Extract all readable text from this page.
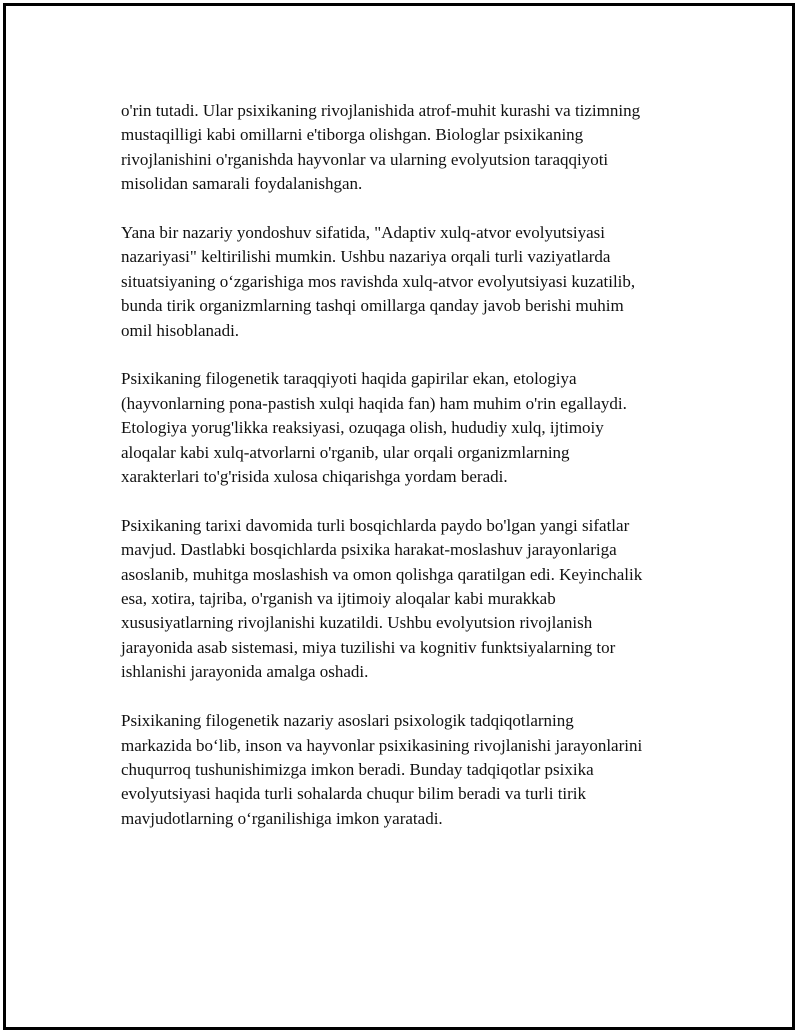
o'rin tutadi. Ular psixikaning rivojlanishida atrof-muhit kurashi va tizimning
mustaqilligi kabi omillarni e'tiborga olishgan. Biologlar psixikaning
rivojlanishini o'rganishda hayvonlar va ularning evolyutsion taraqqiyoti
misolidan samarali foydalanishgan.

Yana bir nazariy yondoshuv sifatida, "Adaptiv xulq-atvor evolyutsiyasi
nazariyasi" keltirilishi mumkin. Ushbu nazariya orqali turli vaziyatlarda
situatsiyaning o‘zgarishiga mos ravishda xulq-atvor evolyutsiyasi kuzatilib,
bunda tirik organizmlarning tashqi omillarga qanday javob berishi muhim
omil hisoblanadi.

Psixikaning filogenetik taraqqiyoti haqida gapirilar ekan, etologiya
(hayvonlarning pona-pastish xulqi haqida fan) ham muhim o'rin egallaydi.
Etologiya yorug'likka reaksiyasi, ozuqaga olish, hududiy xulq, ijtimoiy
aloqalar kabi xulq-atvorlarni o'rganib, ular orqali organizmlarning
xarakterlari to'g'risida xulosa chiqarishga yordam beradi.

Psixikaning tarixi davomida turli bosqichlarda paydo bo'lgan yangi sifatlar
mavjud. Dastlabki bosqichlarda psixika harakat-moslashuv jarayonlariga
asoslanib, muhitga moslashish va omon qolishga qaratilgan edi. Keyinchalik
esa, xotira, tajriba, o'rganish va ijtimoiy aloqalar kabi murakkab
xususiyatlarning rivojlanishi kuzatildi. Ushbu evolyutsion rivojlanish
jarayonida asab sistemasi, miya tuzilishi va kognitiv funktsiyalarning tor
ishlanishi jarayonida amalga oshadi.

Psixikaning filogenetik nazariy asoslari psixologik tadqiqotlarning
markazida bo‘lib, inson va hayvonlar psixikasining rivojlanishi jarayonlarini
chuqurroq tushunishimizga imkon beradi. Bunday tadqiqotlar psixika
evolyutsiyasi haqida turli sohalarda chuqur bilim beradi va turli tirik
mavjudotlarning o‘rganilishiga imkon yaratadi.
